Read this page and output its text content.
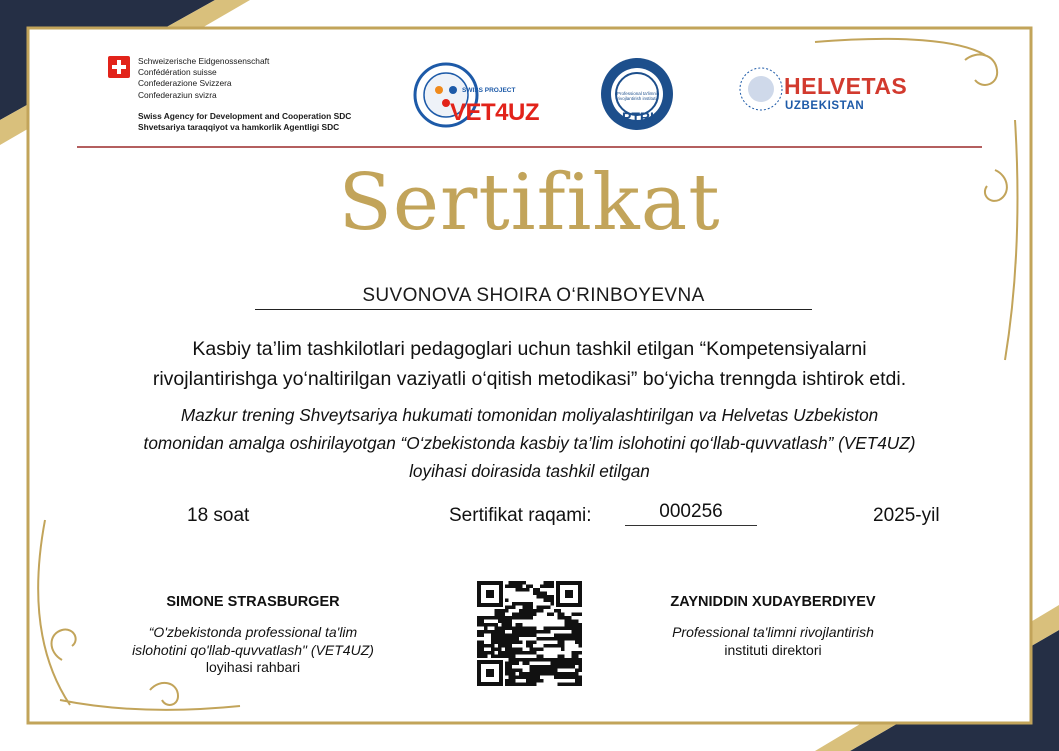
Schweizerische Eidgenossenschaft
Confédération suisse
Confederazione Svizzera
Confederaziun svizra
Swiss Agency for Development and Cooperation SDC
Shvetsariya taraqqiyot va hamkorlik Agentligi SDC
SWISS PROJECT
VET4UZ
Professional ta'limni rivojlantirish instituti
PTRI
HELVETAS
UZBEKISTAN
Sertifikat
SUVONOVA SHOIRA O‘RINBOYEVNA
Kasbiy ta’lim tashkilotlari pedagoglari uchun tashkil etilgan “Kompetensiyalarni
rivojlantirishga yo‘naltirilgan vaziyatli o‘qitish metodikasi” bo‘yicha trenngda ishtirok etdi.
Mazkur trening Shveytsariya hukumati tomonidan moliyalashtirilgan va Helvetas Uzbekiston
tomonidan amalga oshirilayotgan “O‘zbekistonda kasbiy ta’lim islohotini qo‘llab-quvvatlash” (VET4UZ)
loyihasi doirasida tashkil etilgan
18 soat	Sertifikat raqami:	000256	2025-yil
SIMONE STRASBURGER
“O'zbekistonda professional ta'lim
islohotini qo'llab-quvvatlash" (VET4UZ)
loyihasi rahbari
ZAYNIDDIN XUDAYBERDIYEV
Professional ta'limni rivojlantirish
instituti direktori
